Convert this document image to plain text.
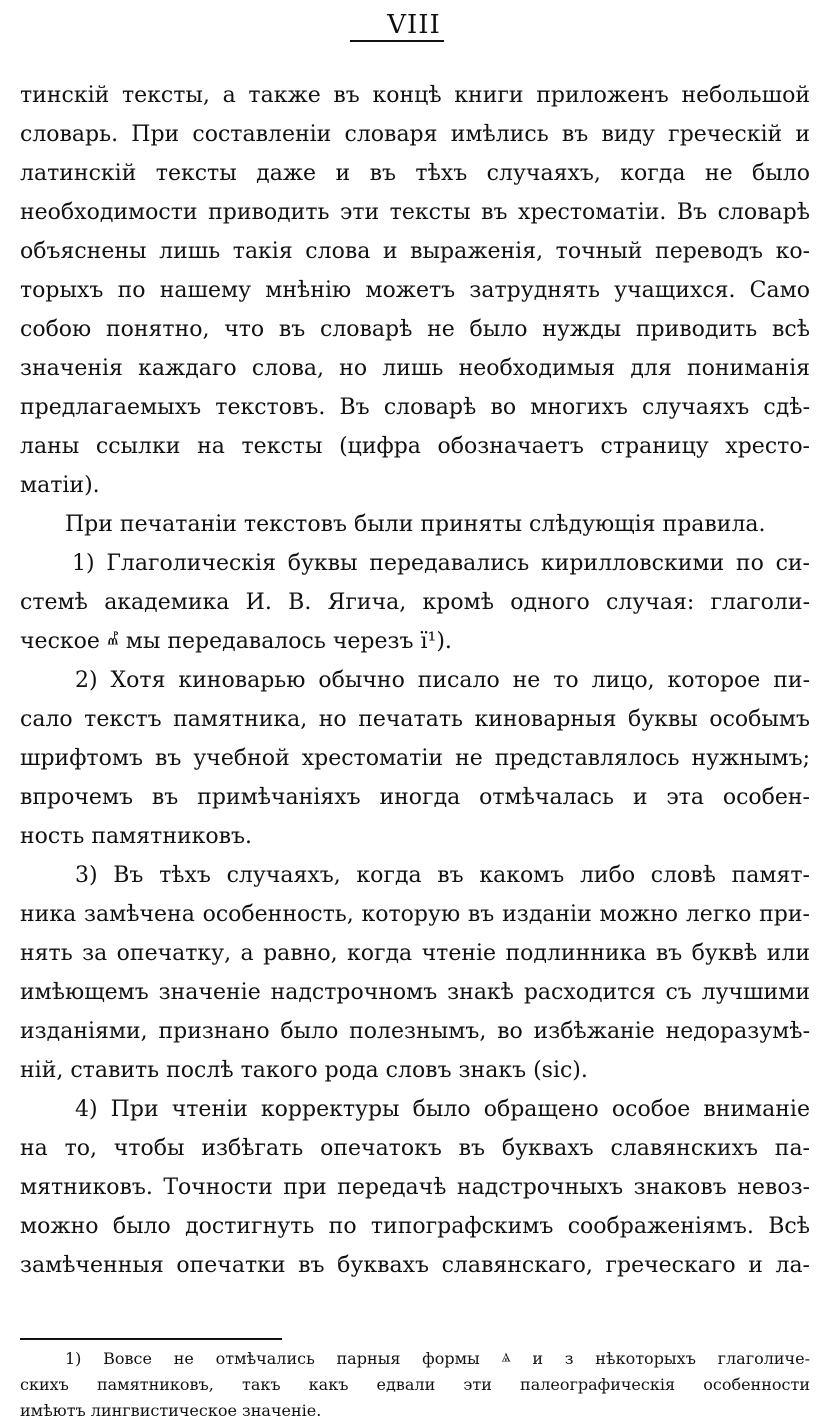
VIII
тинскій тексты, а также въ концѣ книги приложенъ небольшой
словарь. При составленіи словаря имѣлись въ виду греческій и
латинскій тексты даже и въ тѣхъ случаяхъ, когда не было
необходимости приводить эти тексты въ хрестоматіи. Въ словарѣ
объяснены лишь такія слова и выраженія, точный переводъ ко-
торыхъ по нашему мнѣнію можетъ затруднять учащихся. Само
собою понятно, что въ словарѣ не было нужды приводить всѣ
значенія каждаго слова, но лишь необходимыя для пониманія
предлагаемыхъ текстовъ. Въ словарѣ во многихъ случаяхъ сдѣ-
ланы ссылки на тексты (цифра обозначаетъ страницу хресто-
матіи).
При печатаніи текстовъ были приняты слѣдующія правила.
1) Глаголическія буквы передавались кирилловскими по си-
стемѣ академика И. В. Ягича, кромѣ одного случая: глаголи-
ческое ⰼ мы передавалось черезъ ї¹).
2) Хотя киноварью обычно писало не то лицо, которое пи-
сало текстъ памятника, но печатать киноварныя буквы особымъ
шрифтомъ въ учебной хрестоматіи не представлялось нужнымъ;
впрочемъ въ примѣчаніяхъ иногда отмѣчалась и эта особен-
ность памятниковъ.
3) Въ тѣхъ случаяхъ, когда въ какомъ либо словѣ памят-
ника замѣчена особенность, которую въ изданіи можно легко при-
нять за опечатку, а равно, когда чтеніе подлинника въ буквѣ или
имѣющемъ значеніе надстрочномъ знакѣ расходится съ лучшими
изданіями, признано было полезнымъ, во избѣжаніе недоразумѣ-
ній, ставить послѣ такого рода словъ знакъ (sic).
4) При чтеніи корректуры было обращено особое вниманіе
на то, чтобы избѣгать опечатокъ въ буквахъ славянскихъ па-
мятниковъ. Точности при передачѣ надстрочныхъ знаковъ невоз-
можно было достигнуть по типографскимъ соображеніямъ. Всѣ
замѣченныя опечатки въ буквахъ славянскаго, греческаго и ла-
1) Вовсе не отмѣчались парныя формы ⱑ и з нѣкоторыхъ глаголиче-
скихъ памятниковъ, такъ какъ едвали эти палеографическія особенности
имѣютъ лингвистическое значеніе.
